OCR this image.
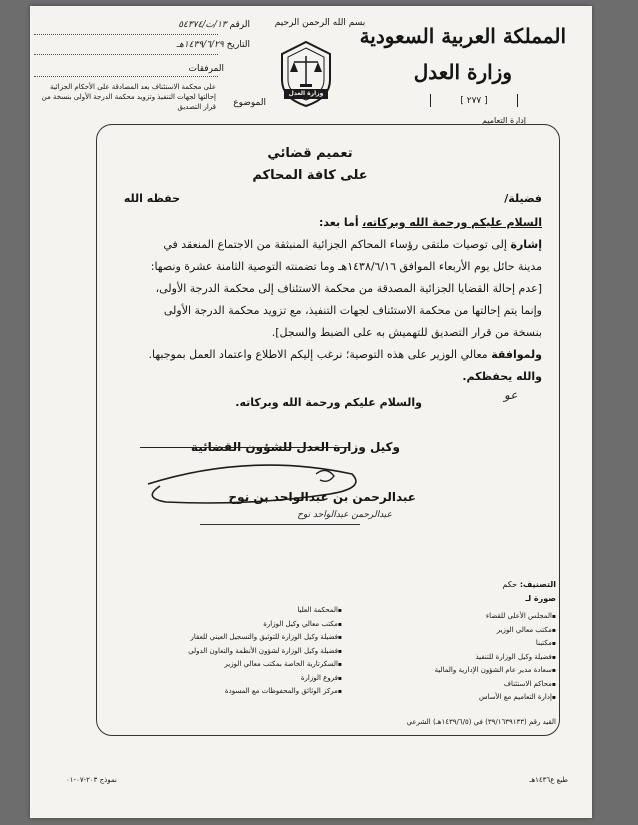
المملكة العربية السعودية
وزارة العدل
[ ٢٧٧ ]
إدارة التعاميم
بسم الله الرحمن الرحيم
وزارة العدل
الرقم ١٣/ت/٥٤٣٧٤
التاريخ ١٤٣٩/٦/٢٩هـ
المرفقات
على محكمة الاستئناف بعد المصادقة على الأحكام الجزائية
إحالتها لجهات التنفيذ وتزويد محكمة الدرجة الأولى بنسخة من
قرار التصديق الموضوع
تعميم قضائي
على كافة المحاكم
فضيلة/
حفظه الله
السلام عليكم ورحمة الله وبركاته، أما بعد:
إشارة إلى توصيات ملتقى رؤساء المحاكم الجزائية المنبثقة من الاجتماع المنعقد في
مدينة حائل يوم الأربعاء الموافق ١٤٣٨/٦/١٦هـ وما تضمنته التوصية الثامنة عشرة ونصها:
[عدم إحالة القضايا الجزائية المصدقة من محكمة الاستئناف إلى محكمة الدرجة الأولى،
وإنما يتم إحالتها من محكمة الاستئناف لجهات التنفيذ، مع تزويد محكمة الدرجة الأولى
بنسخة من قرار التصديق للتهميش به على الضبط والسجل].
ولموافقة معالي الوزير على هذه التوصية؛ نرغب إليكم الاطلاع واعتماد العمل بموجبها.
والله يحفظكم.
والسلام عليكم ورحمة الله وبركاته.
عو
وكيل وزارة العدل للشؤون القضائية
عبدالرحمن بن عبدالواحد بن نوح
عبدالرحمن عبدالواحد نوح
التصنيف: حكم
صورة لـ
▪ المجلس الأعلى للقضاء
▪ مكتب معالي الوزير
▪ مكتبنا
▪ فضيلة وكيل الوزارة للتنفيذ
▪ سعادة مدير عام الشؤون الإدارية والمالية
▪ محاكم الاستئناف
▪ إدارة التعاميم مع الأساس
▪ المحكمة العليا
▪ مكتب معالي وكيل الوزارة
▪ فضيلة وكيل الوزارة للتوثيق والتسجيل العيني للعقار
▪ فضيلة وكيل الوزارة لشؤون الأنظمة والتعاون الدولي
▪ السكرتارية الخاصة بمكتب معالي الوزير
▪ فروع الوزارة
▪ مركز الوثائق والمحفوظات مع المسودة
القيد رقم (٣٩/١٦٣٩١٣٣) في (١٤٣٩/٦/٥هـ) الشرعي
نموذج ٢٠٣-٠٧-٠١	طبع ع١٤٣٦هـ
